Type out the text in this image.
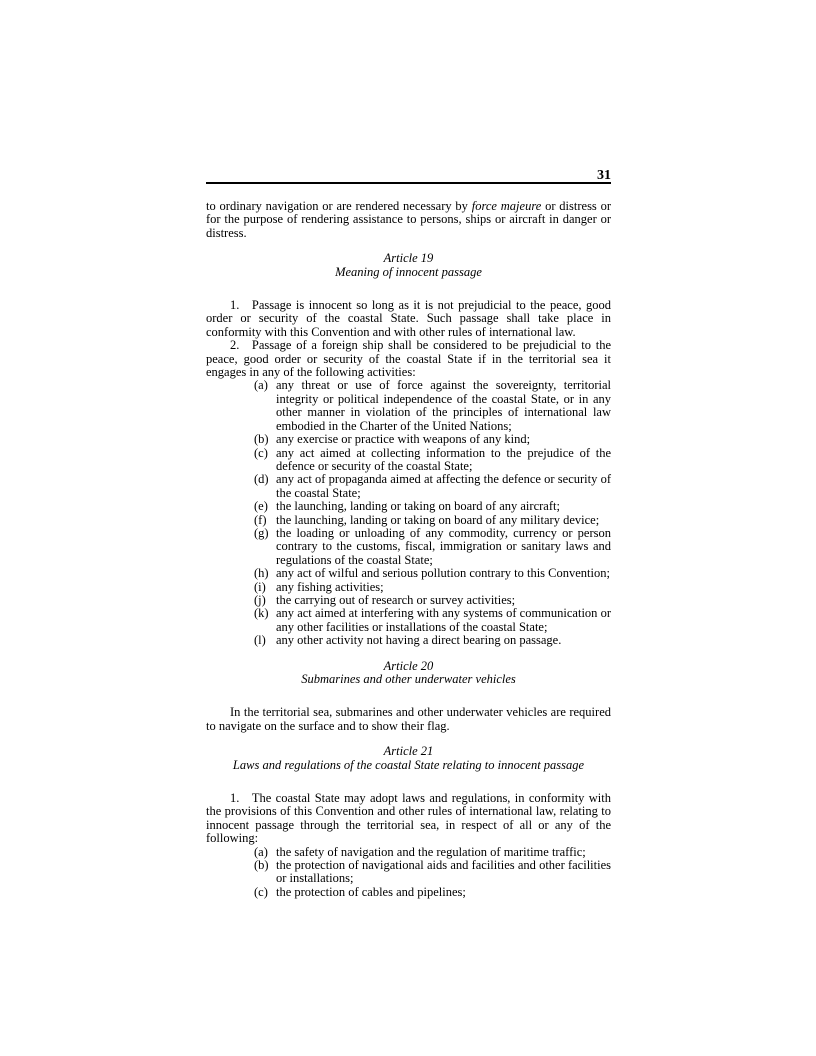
31

to ordinary navigation or are rendered necessary by force majeure or distress or for the purpose of rendering assistance to persons, ships or aircraft in danger or distress.

Article 19
Meaning of innocent passage

1. Passage is innocent so long as it is not prejudicial to the peace, good order or security of the coastal State. Such passage shall take place in conformity with this Convention and with other rules of international law.

2. Passage of a foreign ship shall be considered to be prejudicial to the peace, good order or security of the coastal State if in the territorial sea it engages in any of the following activities:

(a) any threat or use of force against the sovereignty, territorial integrity or political independence of the coastal State, or in any other manner in violation of the principles of international law embodied in the Charter of the United Nations;
(b) any exercise or practice with weapons of any kind;
(c) any act aimed at collecting information to the prejudice of the defence or security of the coastal State;
(d) any act of propaganda aimed at affecting the defence or security of the coastal State;
(e) the launching, landing or taking on board of any aircraft;
(f) the launching, landing or taking on board of any military device;
(g) the loading or unloading of any commodity, currency or person contrary to the customs, fiscal, immigration or sanitary laws and regulations of the coastal State;
(h) any act of wilful and serious pollution contrary to this Convention;
(i) any fishing activities;
(j) the carrying out of research or survey activities;
(k) any act aimed at interfering with any systems of communication or any other facilities or installations of the coastal State;
(l) any other activity not having a direct bearing on passage.
Article 20
Submarines and other underwater vehicles

In the territorial sea, submarines and other underwater vehicles are required to navigate on the surface and to show their flag.

Article 21
Laws and regulations of the coastal State relating to innocent passage

1. The coastal State may adopt laws and regulations, in conformity with the provisions of this Convention and other rules of international law, relating to innocent passage through the territorial sea, in respect of all or any of the following:

(a) the safety of navigation and the regulation of maritime traffic;
(b) the protection of navigational aids and facilities and other facilities or installations;
(c) the protection of cables and pipelines;
